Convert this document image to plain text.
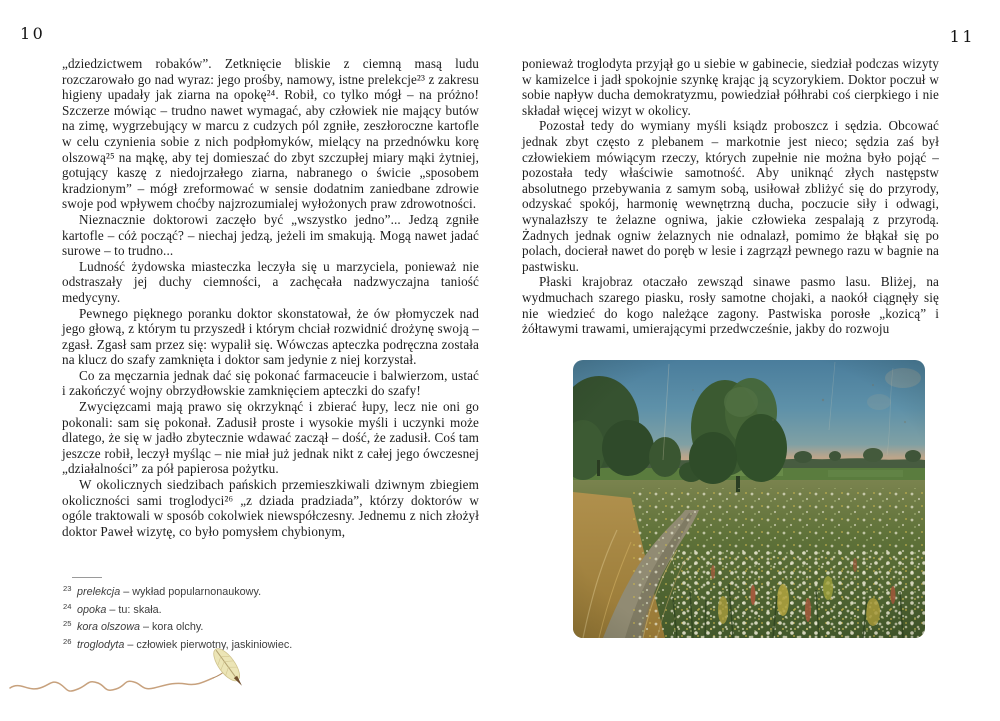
10

„dziedzictwem robaków”. Zetknięcie bliskie z ciemną masą ludu rozczarowało go nad wyraz: jego prośby, namowy, istne prelekcje²³ z zakresu higieny upadały jak ziarna na opokę²⁴. Robił, co tylko mógł – na próżno! Szczerze mówiąc – trudno nawet wymagać, aby człowiek nie mający butów na zimę, wygrzebujący w marcu z cudzych pól zgniłe, zeszłoroczne kartofle w celu czynienia sobie z nich podpłomyków, mielący na przednówku korę olszową²⁵ na mąkę, aby tej domieszać do zbyt szczupłej miary mąki żytniej, gotujący kaszę z niedojrzałego ziarna, nabranego o świcie „sposobem kradzionym” – mógł zreformować w sensie dodatnim zaniedbane zdrowie swoje pod wpływem choćby najzrozumialej wyłożonych praw zdrowotności.

Nieznacznie doktorowi zaczęło być „wszystko jedno”... Jedzą zgniłe kartofle – cóż począć? – niechaj jedzą, jeżeli im smakują. Mogą nawet jadać surowe – to trudno...

Ludność żydowska miasteczka leczyła się u marzyciela, ponieważ nie odstraszały jej duchy ciemności, a zachęcała nadzwyczajna taniość medycyny.

Pewnego pięknego poranku doktor skonstatował, że ów płomyczek nad jego głową, z którym tu przyszedł i którym chciał rozwidnić drożynę swoją – zgasł. Zgasł sam przez się: wypalił się. Wówczas apteczka podręczna została na klucz do szafy zamknięta i doktor sam jedynie z niej korzystał.

Co za męczarnia jednak dać się pokonać farmaceucie i balwierzom, ustać i zakończyć wojny obrzydłowskie zamknięciem apteczki do szafy!

Zwycięzcami mają prawo się okrzyknąć i zbierać łupy, lecz nie oni go pokonali: sam się pokonał. Zadusił proste i wysokie myśli i uczynki może dlatego, że się w jadło zbytecznie wdawać zaczął – dość, że zadusił. Coś tam jeszcze robił, leczył myśląc – nie miał już jednak nikt z całej jego ówczesnej „działalności” za pół papierosa pożytku.

W okolicznych siedzibach pańskich przemieszkiwali dziwnym zbiegiem okoliczności sami troglodyci²⁶ „z dziada pradziada”, którzy doktorów w ogóle traktowali w sposób cokolwiek niewspółczesny. Jednemu z nich złożył doktor Paweł wizytę, co było pomysłem chybionym,

23 prelekcja – wykład popularnonaukowy.
24 opoka – tu: skała.
25 kora olszowa – kora olchy.
26 troglodyta – człowiek pierwotny, jaskiniowiec.
11

ponieważ troglodyta przyjął go u siebie w gabinecie, siedział podczas wizyty w kamizelce i jadł spokojnie szynkę krając ją scyzorykiem. Doktor poczuł w sobie napływ ducha demokratyzmu, powiedział półhrabi coś cierpkiego i nie składał więcej wizyt w okolicy.

Pozostał tedy do wymiany myśli ksiądz proboszcz i sędzia. Obcować jednak zbyt często z plebanem – markotnie jest nieco; sędzia zaś był człowiekiem mówiącym rzeczy, których zupełnie nie można było pojąć – pozostała tedy właściwie samotność. Aby uniknąć złych następstw absolutnego przebywania z samym sobą, usiłował zbliżyć się do przyrody, odzyskać spokój, harmonię wewnętrzną ducha, poczucie siły i odwagi, wynalazłszy te żelazne ogniwa, jakie człowieka zespalają z przyrodą. Żadnych jednak ogniw żelaznych nie odnalazł, pomimo że błąkał się po polach, docierał nawet do poręb w lesie i zagrzązł pewnego razu w bagnie na pastwisku.

Płaski krajobraz otaczało zewsząd sinawe pasmo lasu. Bliżej, na wydmuchach szarego piasku, rosły samotne chojaki, a naokół ciągnęły się nie wiedzieć do kogo należące zagony. Pastwiska porosłe „kozicą” i żółtawymi trawami, umierającymi przedwcześnie, jakby do rozwoju
